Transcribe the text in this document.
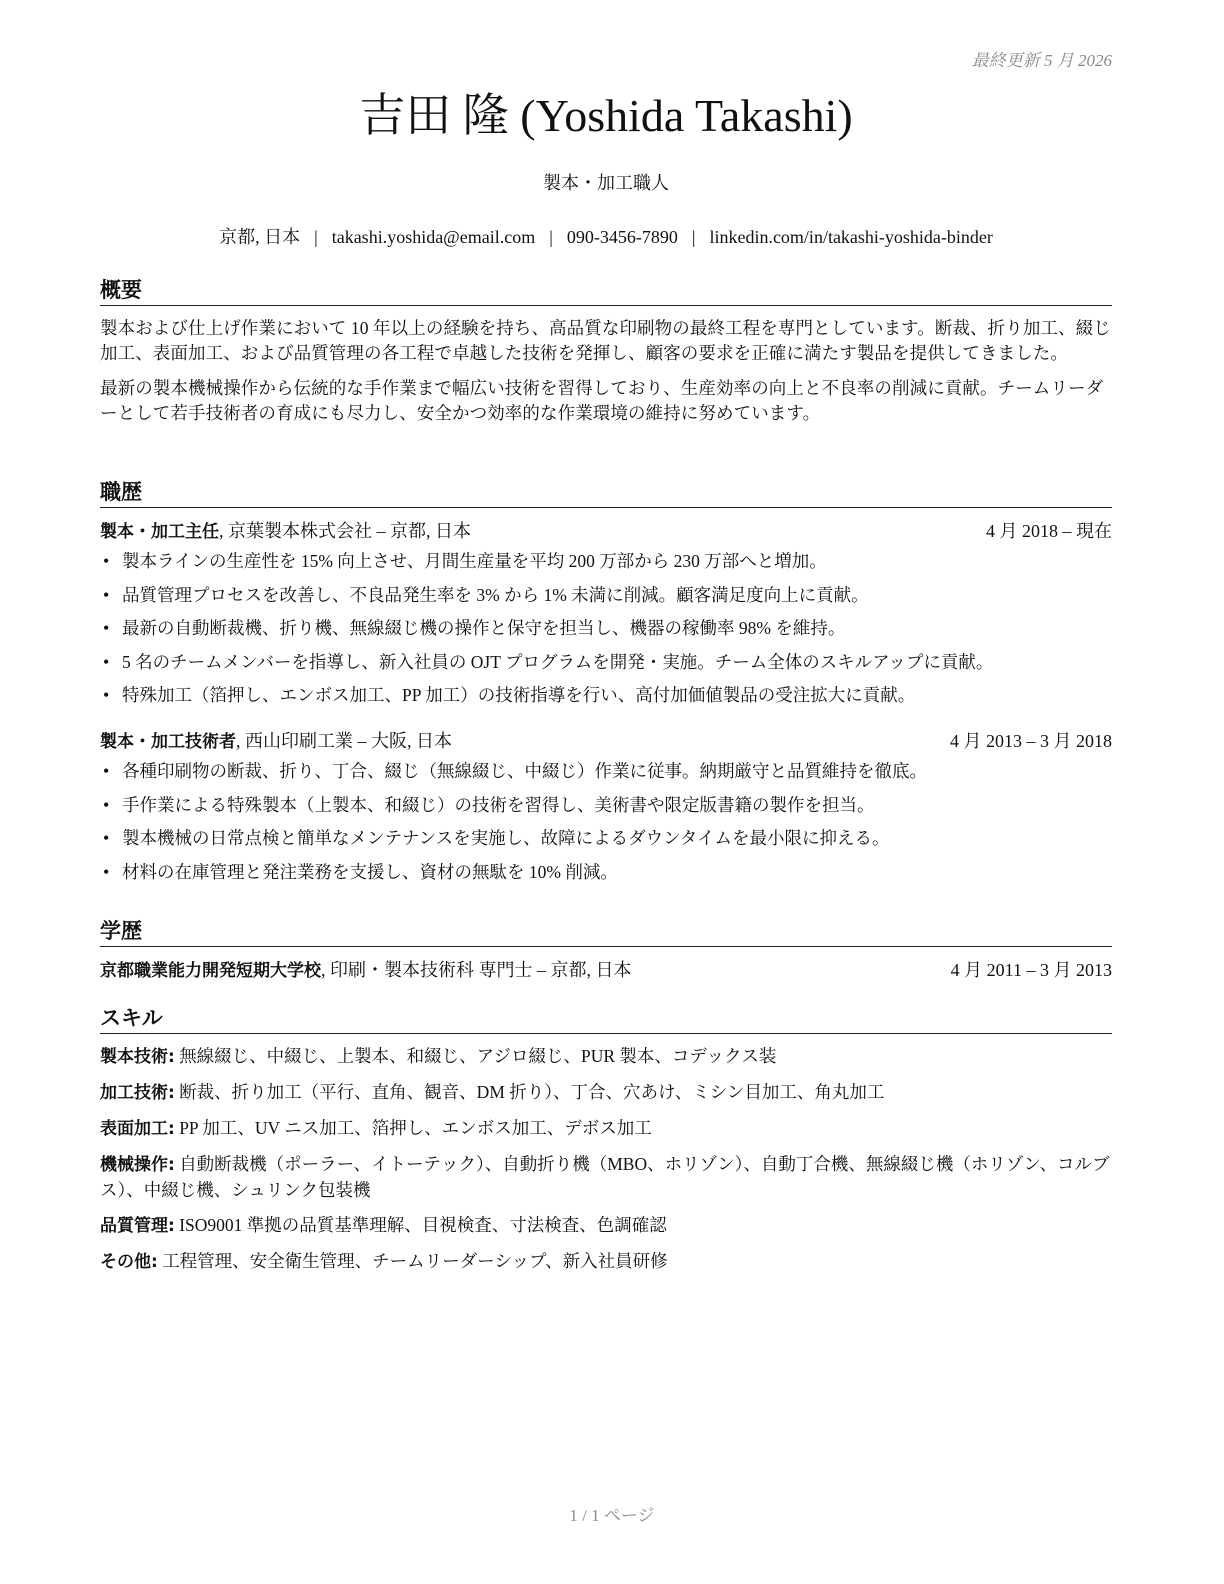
最終更新 5 月 2026
吉田 隆 (Yoshida Takashi)
製本・加工職人
京都, 日本 | takashi.yoshida@email.com | 090-3456-7890 | linkedin.com/in/takashi-yoshida-binder
概要

製本および仕上げ作業において 10 年以上の経験を持ち、高品質な印刷物の最終工程を専門としています。断裁、折り加工、綴じ加工、表面加工、および品質管理の各工程で卓越した技術を発揮し、顧客の要求を正確に満たす製品を提供してきました。

最新の製本機械操作から伝統的な手作業まで幅広い技術を習得しており、生産効率の向上と不良率の削減に貢献。チームリーダーとして若手技術者の育成にも尽力し、安全かつ効率的な作業環境の維持に努めています。

職歴
製本・加工主任, 京葉製本株式会社 – 京都, 日本	4 月 2018 – 現在
• 製本ラインの生産性を 15% 向上させ、月間生産量を平均 200 万部から 230 万部へと増加。
• 品質管理プロセスを改善し、不良品発生率を 3% から 1% 未満に削減。顧客満足度向上に貢献。
• 最新の自動断裁機、折り機、無線綴じ機の操作と保守を担当し、機器の稼働率 98% を維持。
• 5 名のチームメンバーを指導し、新入社員の OJT プログラムを開発・実施。チーム全体のスキルアップに貢献。
• 特殊加工（箔押し、エンボス加工、PP 加工）の技術指導を行い、高付加価値製品の受注拡大に貢献。
製本・加工技術者, 西山印刷工業 – 大阪, 日本	4 月 2013 – 3 月 2018
• 各種印刷物の断裁、折り、丁合、綴じ（無線綴じ、中綴じ）作業に従事。納期厳守と品質維持を徹底。
• 手作業による特殊製本（上製本、和綴じ）の技術を習得し、美術書や限定版書籍の製作を担当。
• 製本機械の日常点検と簡単なメンテナンスを実施し、故障によるダウンタイムを最小限に抑える。
• 材料の在庫管理と発注業務を支援し、資材の無駄を 10% 削減。
学歴
京都職業能力開発短期大学校, 印刷・製本技術科 専門士 – 京都, 日本	4 月 2011 – 3 月 2013
スキル

製本技術: 無線綴じ、中綴じ、上製本、和綴じ、アジロ綴じ、PUR 製本、コデックス装

加工技術: 断裁、折り加工（平行、直角、観音、DM 折り）、丁合、穴あけ、ミシン目加工、角丸加工

表面加工: PP 加工、UV ニス加工、箔押し、エンボス加工、デボス加工

機械操作: 自動断裁機（ポーラー、イトーテック）、自動折り機（MBO、ホリゾン）、自動丁合機、無線綴じ機（ホリゾン、コルブス）、中綴じ機、シュリンク包装機

品質管理: ISO9001 準拠の品質基準理解、目視検査、寸法検査、色調確認

その他: 工程管理、安全衛生管理、チームリーダーシップ、新入社員研修

1 / 1 ページ
